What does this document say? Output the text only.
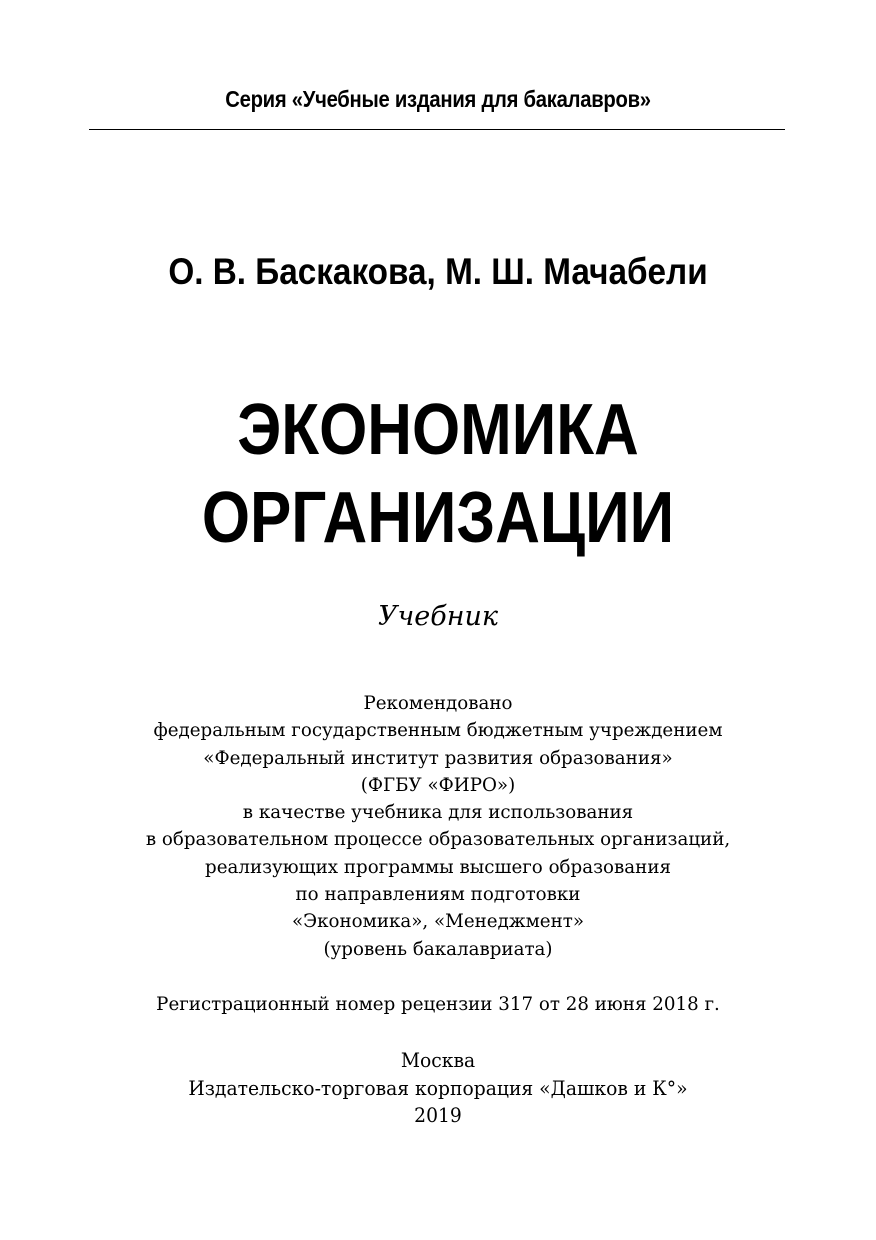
Серия «Учебные издания для бакалавров»
О. В. Баскакова, М. Ш. Мачабели
ЭКОНОМИКА
ОРГАНИЗАЦИИ
Учебник
Рекомендовано
федеральным государственным бюджетным учреждением
«Федеральный институт развития образования»
(ФГБУ «ФИРО»)
в качестве учебника для использования
в образовательном процессе образовательных организаций,
реализующих программы высшего образования
по направлениям подготовки
«Экономика», «Менеджмент»
(уровень бакалавриата)
Регистрационный номер рецензии 317 от 28 июня 2018 г.
Москва
Издательско-торговая корпорация «Дашков и К°»
2019
